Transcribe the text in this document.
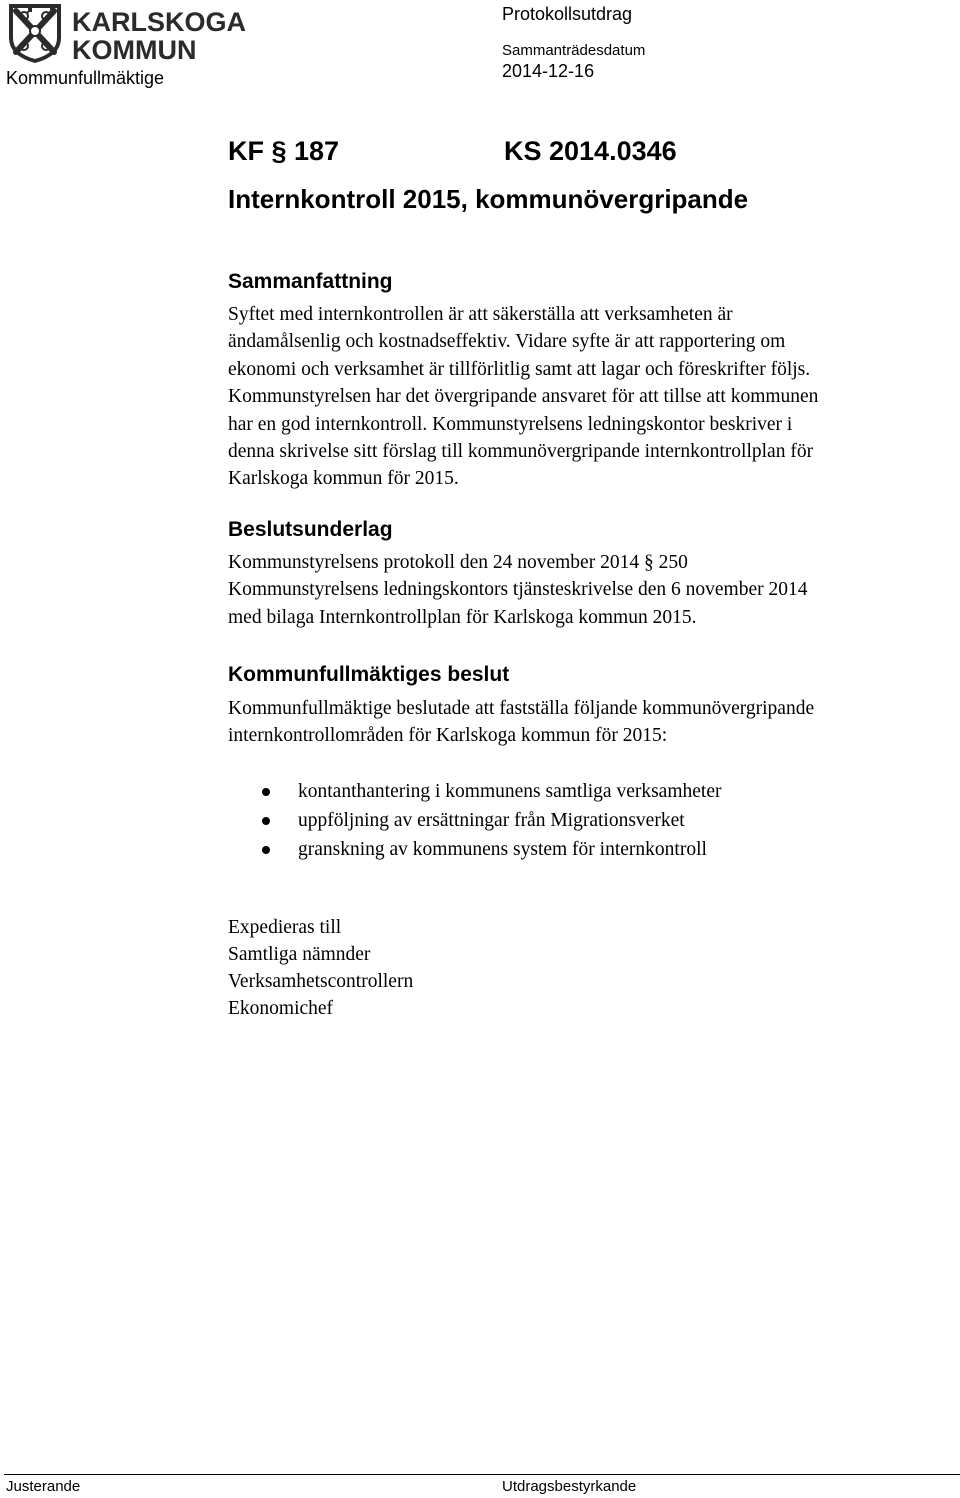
KARLSKOGA
KOMMUN
Kommunfullmäktige
Protokollsutdrag
Sammanträdesdatum
2014-12-16
KF § 187	KS 2014.0346
Internkontroll 2015, kommunövergripande
Sammanfattning
Syftet med internkontrollen är att säkerställa att verksamheten är
ändamålsenlig och kostnadseffektiv. Vidare syfte är att rapportering om
ekonomi och verksamhet är tillförlitlig samt att lagar och föreskrifter följs.
Kommunstyrelsen har det övergripande ansvaret för att tillse att kommunen
har en god internkontroll. Kommunstyrelsens ledningskontor beskriver i
denna skrivelse sitt förslag till kommunövergripande internkontrollplan för
Karlskoga kommun för 2015.
Beslutsunderlag
Kommunstyrelsens protokoll den 24 november 2014 § 250
Kommunstyrelsens ledningskontors tjänsteskrivelse den 6 november 2014
med bilaga Internkontrollplan för Karlskoga kommun 2015.
Kommunfullmäktiges beslut
Kommunfullmäktige beslutade att fastställa följande kommunövergripande
internkontrollområden för Karlskoga kommun för 2015:
kontanthantering i kommunens samtliga verksamheter
uppföljning av ersättningar från Migrationsverket
granskning av kommunens system för internkontroll
Expedieras till
Samtliga nämnder
Verksamhetscontrollern
Ekonomichef
Justerande	Utdragsbestyrkande
